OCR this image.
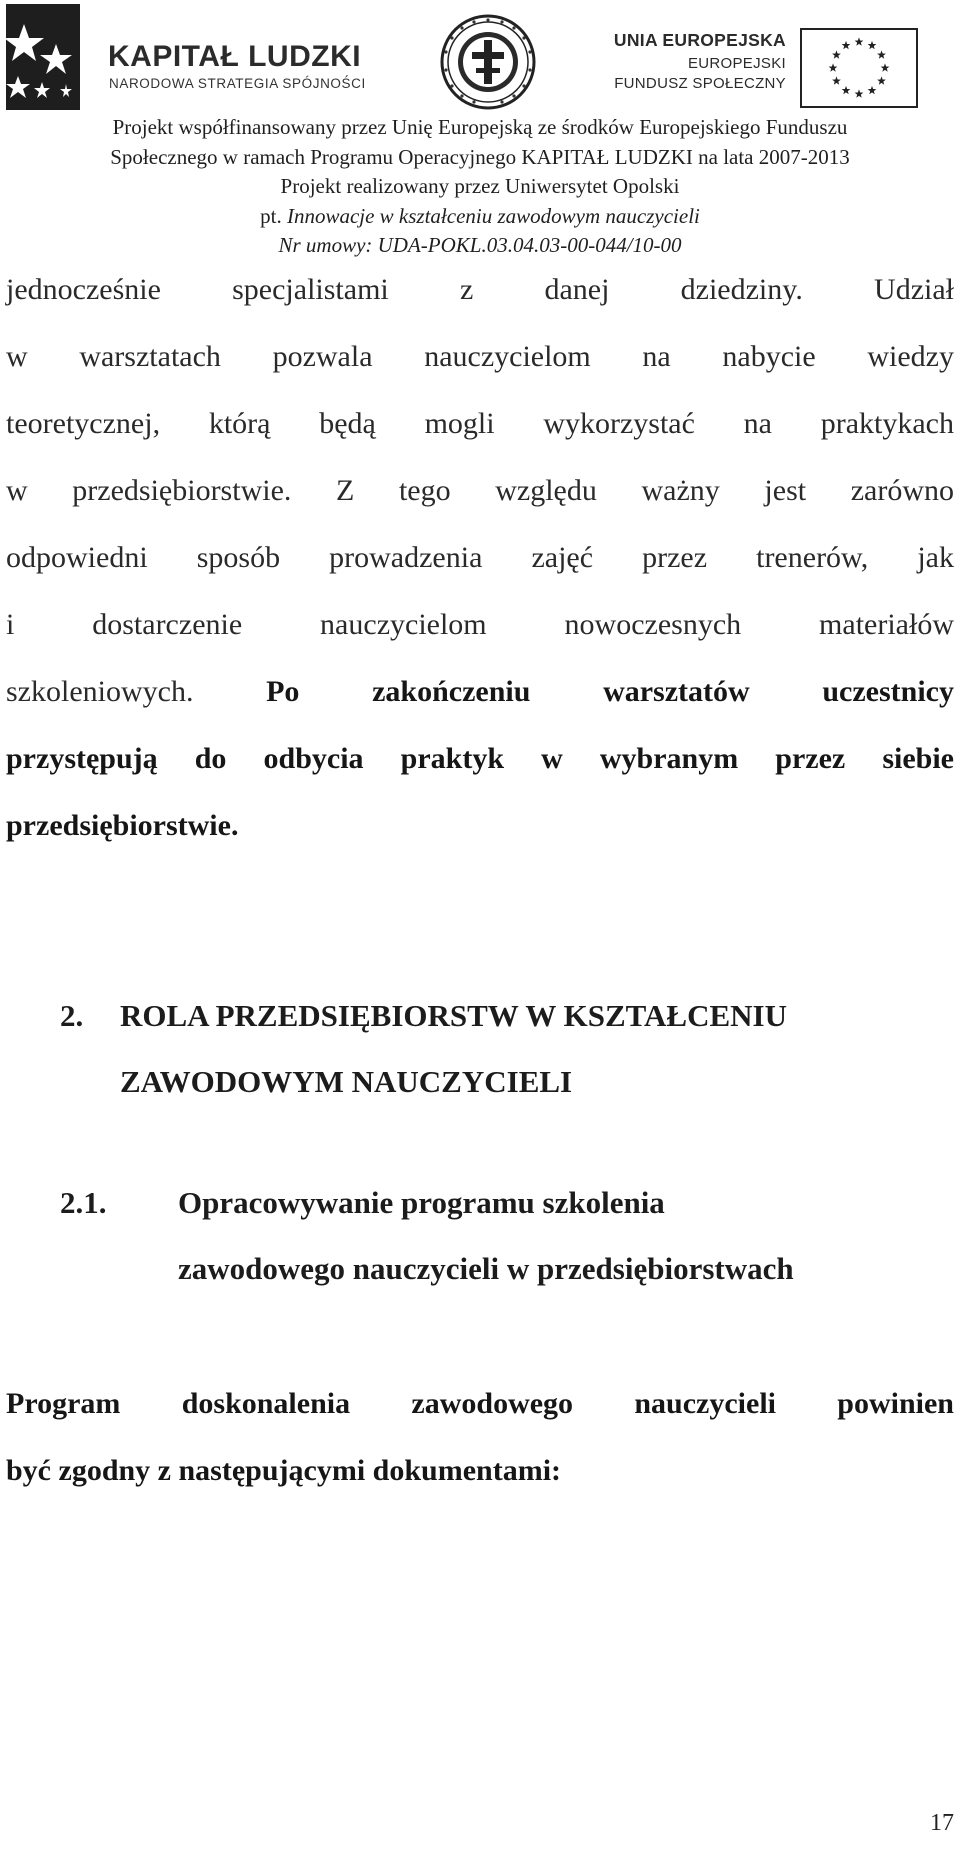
KAPITAŁ LUDZKI
NARODOWA STRATEGIA SPÓJNOŚCI
UNIA EUROPEJSKA
EUROPEJSKI
FUNDUSZ SPOŁECZNY
Projekt współfinansowany przez Unię Europejską ze środków Europejskiego Funduszu
Społecznego w ramach Programu Operacyjnego KAPITAŁ LUDZKI na lata 2007-2013
Projekt realizowany przez Uniwersytet Opolski
pt. Innowacje w kształceniu zawodowym nauczycieli
Nr umowy: UDA-POKL.03.04.03-00-044/10-00
jednocześnie specjalistami z danej dziedziny. Udział
w warsztatach pozwala nauczycielom na nabycie wiedzy
teoretycznej, którą będą mogli wykorzystać na praktykach
w przedsiębiorstwie. Z tego względu ważny jest zarówno
odpowiedni sposób prowadzenia zajęć przez trenerów, jak
i dostarczenie nauczycielom nowoczesnych materiałów
szkoleniowych. Po zakończeniu warsztatów uczestnicy
przystępują do odbycia praktyk w wybranym przez siebie
przedsiębiorstwie.
2. ROLA PRZEDSIĘBIORSTW W KSZTAŁCENIU
ZAWODOWYM NAUCZYCIELI
2.1. Opracowywanie programu szkolenia
zawodowego nauczycieli w przedsiębiorstwach
Program doskonalenia zawodowego nauczycieli powinien
być zgodny z następującymi dokumentami:
17
